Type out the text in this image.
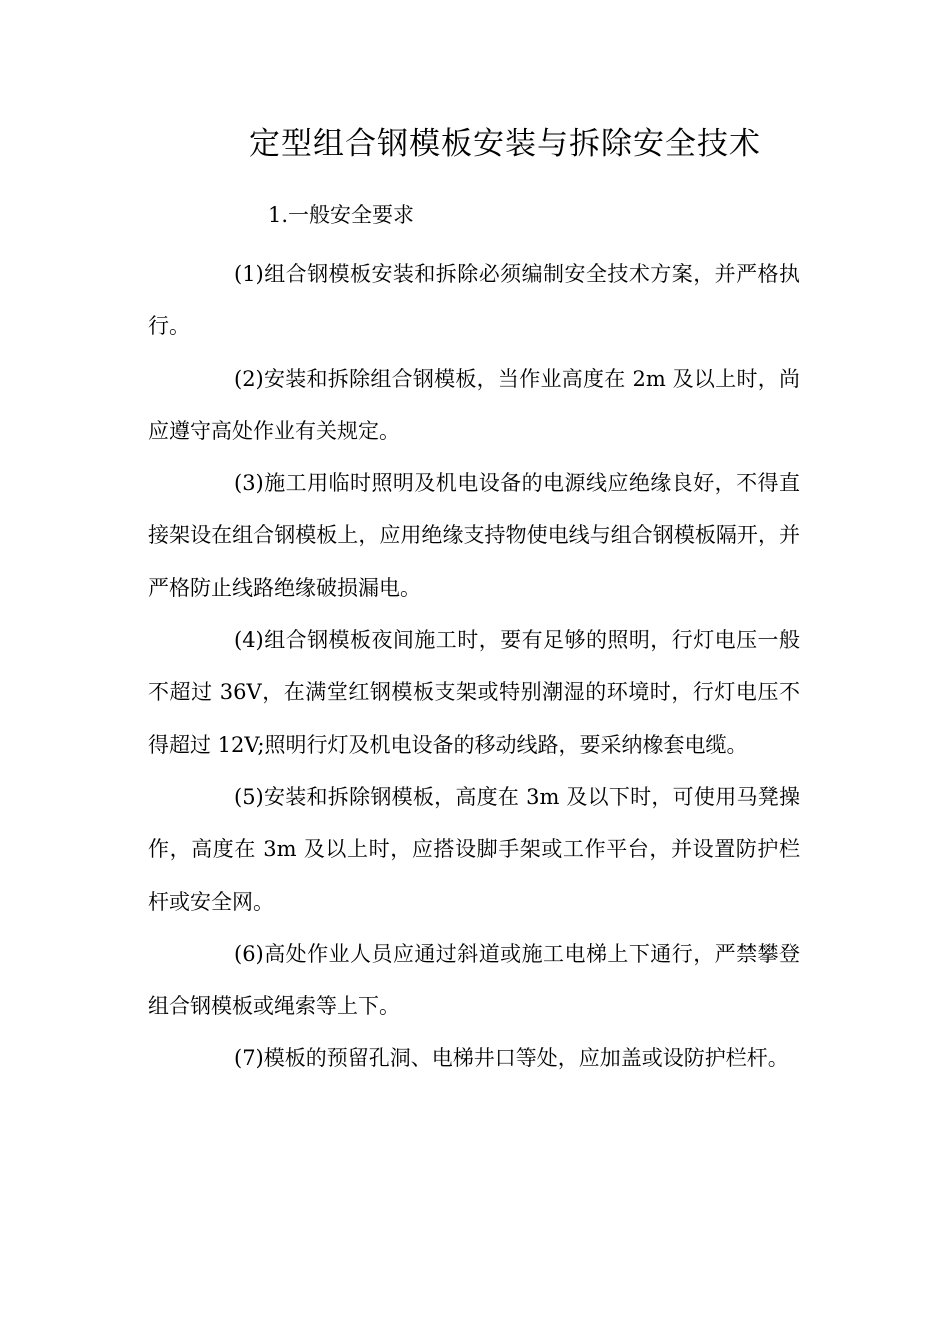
定型组合钢模板安装与拆除安全技术
1.一般安全要求

(1)组合钢模板安装和拆除必须编制安全技术方案，并严格执行。

(2)安装和拆除组合钢模板，当作业高度在 2m 及以上时，尚应遵守高处作业有关规定。

(3)施工用临时照明及机电设备的电源线应绝缘良好，不得直接架设在组合钢模板上，应用绝缘支持物使电线与组合钢模板隔开，并严格防止线路绝缘破损漏电。

(4)组合钢模板夜间施工时，要有足够的照明，行灯电压一般不超过 36V，在满堂红钢模板支架或特别潮湿的环境时，行灯电压不得超过 12V;照明行灯及机电设备的移动线路，要采纳橡套电缆。

(5)安装和拆除钢模板，高度在 3m 及以下时，可使用马凳操作，高度在 3m 及以上时，应搭设脚手架或工作平台，并设置防护栏杆或安全网。

(6)高处作业人员应通过斜道或施工电梯上下通行，严禁攀登组合钢模板或绳索等上下。

(7)模板的预留孔洞、电梯井口等处，应加盖或设防护栏杆。
